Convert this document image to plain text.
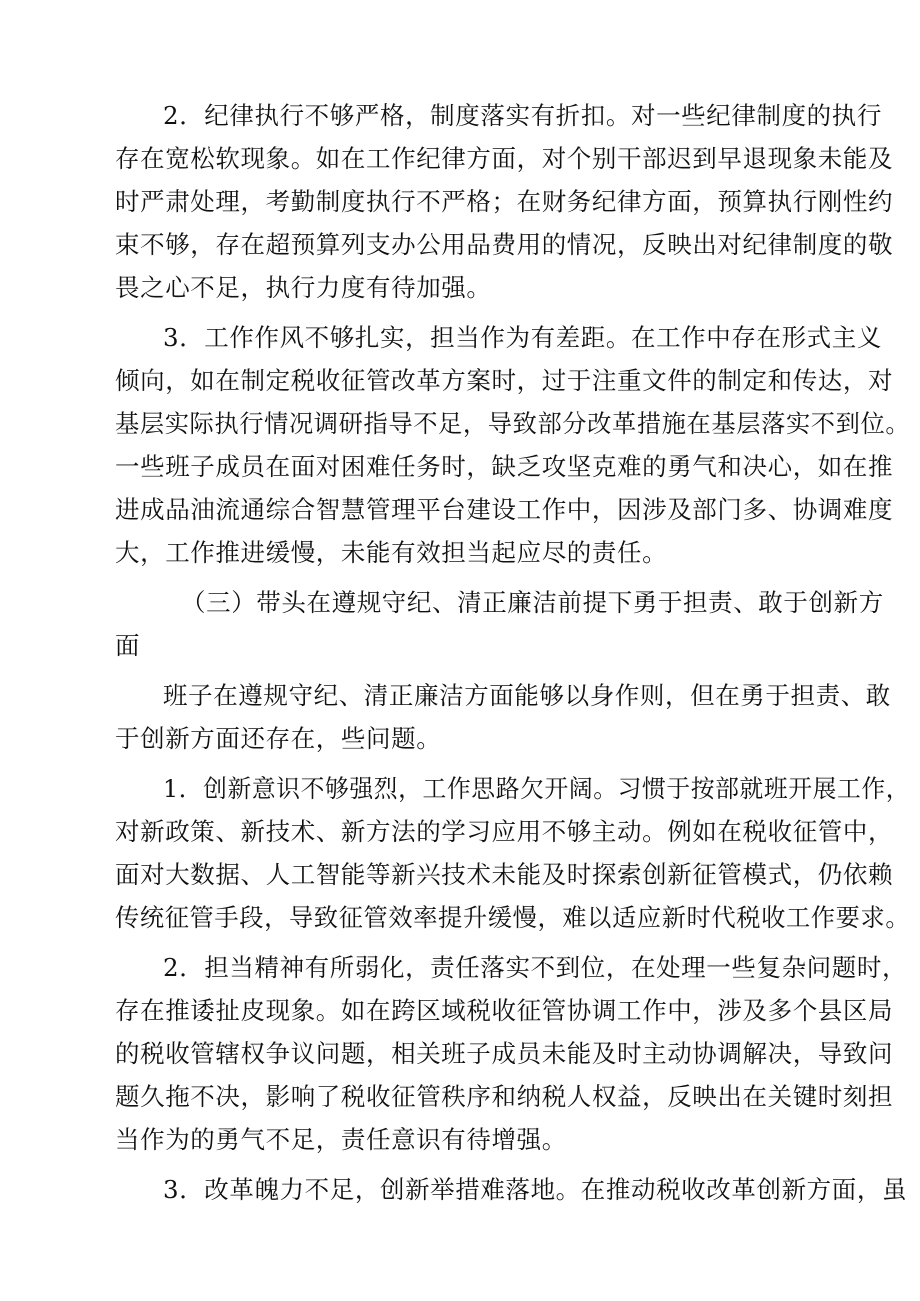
2．纪律执行不够严格，制度落实有折扣。对一些纪律制度的执行
存在宽松软现象。如在工作纪律方面，对个别干部迟到早退现象未能及
时严肃处理，考勤制度执行不严格；在财务纪律方面，预算执行刚性约
束不够，存在超预算列支办公用品费用的情况，反映出对纪律制度的敬
畏之心不足，执行力度有待加强。
3．工作作风不够扎实，担当作为有差距。在工作中存在形式主义
倾向，如在制定税收征管改革方案时，过于注重文件的制定和传达，对
基层实际执行情况调研指导不足，导致部分改革措施在基层落实不到位。
一些班子成员在面对困难任务时，缺乏攻坚克难的勇气和决心，如在推
进成品油流通综合智慧管理平台建设工作中，因涉及部门多、协调难度
大，工作推进缓慢，未能有效担当起应尽的责任。
（三）带头在遵规守纪、清正廉洁前提下勇于担责、敢于创新方
面
班子在遵规守纪、清正廉洁方面能够以身作则，但在勇于担责、敢
于创新方面还存在，些问题。
1．创新意识不够强烈，工作思路欠开阔。习惯于按部就班开展工作，
对新政策、新技术、新方法的学习应用不够主动。例如在税收征管中，
面对大数据、人工智能等新兴技术未能及时探索创新征管模式，仍依赖
传统征管手段，导致征管效率提升缓慢，难以适应新时代税收工作要求。
2．担当精神有所弱化，责任落实不到位，在处理一些复杂问题时，
存在推诿扯皮现象。如在跨区域税收征管协调工作中，涉及多个县区局
的税收管辖权争议问题，相关班子成员未能及时主动协调解决，导致问
题久拖不决，影响了税收征管秩序和纳税人权益，反映出在关键时刻担
当作为的勇气不足，责任意识有待增强。
3．改革魄力不足，创新举措难落地。在推动税收改革创新方面，虽
